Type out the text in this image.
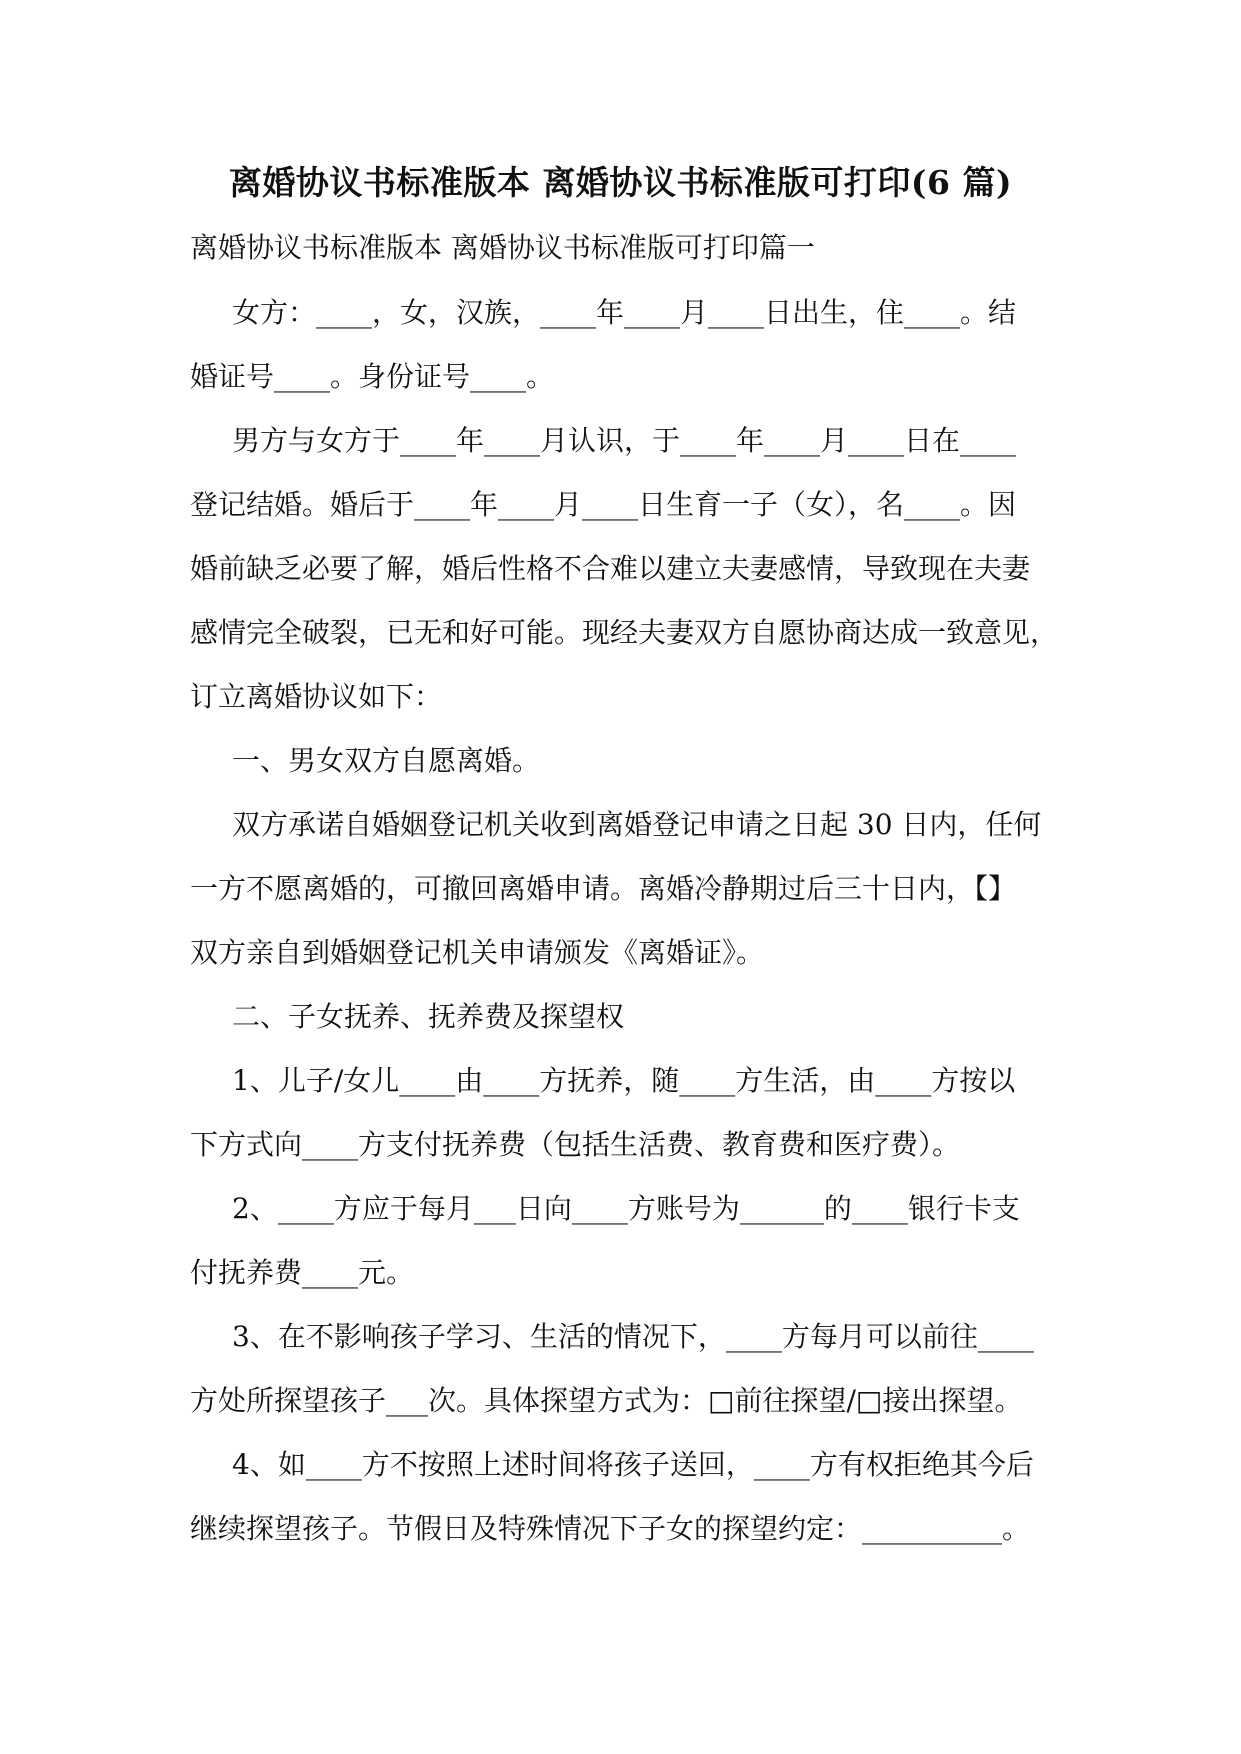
离婚协议书标准版本 离婚协议书标准版可打印(6 篇)
离婚协议书标准版本 离婚协议书标准版可打印篇一
女方：____，女，汉族，____年____月____日出生，住____。结
婚证号____。身份证号____。
男方与女方于____年____月认识，于____年____月____日在____
登记结婚。婚后于____年____月____日生育一子（女），名____。因
婚前缺乏必要了解，婚后性格不合难以建立夫妻感情，导致现在夫妻
感情完全破裂，已无和好可能。现经夫妻双方自愿协商达成一致意见，
订立离婚协议如下：
一、男女双方自愿离婚。
双方承诺自婚姻登记机关收到离婚登记申请之日起 30 日内，任何
一方不愿离婚的，可撤回离婚申请。离婚冷静期过后三十日内，【】
双方亲自到婚姻登记机关申请颁发《离婚证》。
二、子女抚养、抚养费及探望权
1、儿子/女儿____由____方抚养，随____方生活，由____方按以
下方式向____方支付抚养费（包括生活费、教育费和医疗费）。
2、____方应于每月___日向____方账号为______的____银行卡支
付抚养费____元。
3、在不影响孩子学习、生活的情况下，____方每月可以前往____
方处所探望孩子___次。具体探望方式为：□前往探望/□接出探望。
4、如____方不按照上述时间将孩子送回，____方有权拒绝其今后
继续探望孩子。节假日及特殊情况下子女的探望约定：__________。
